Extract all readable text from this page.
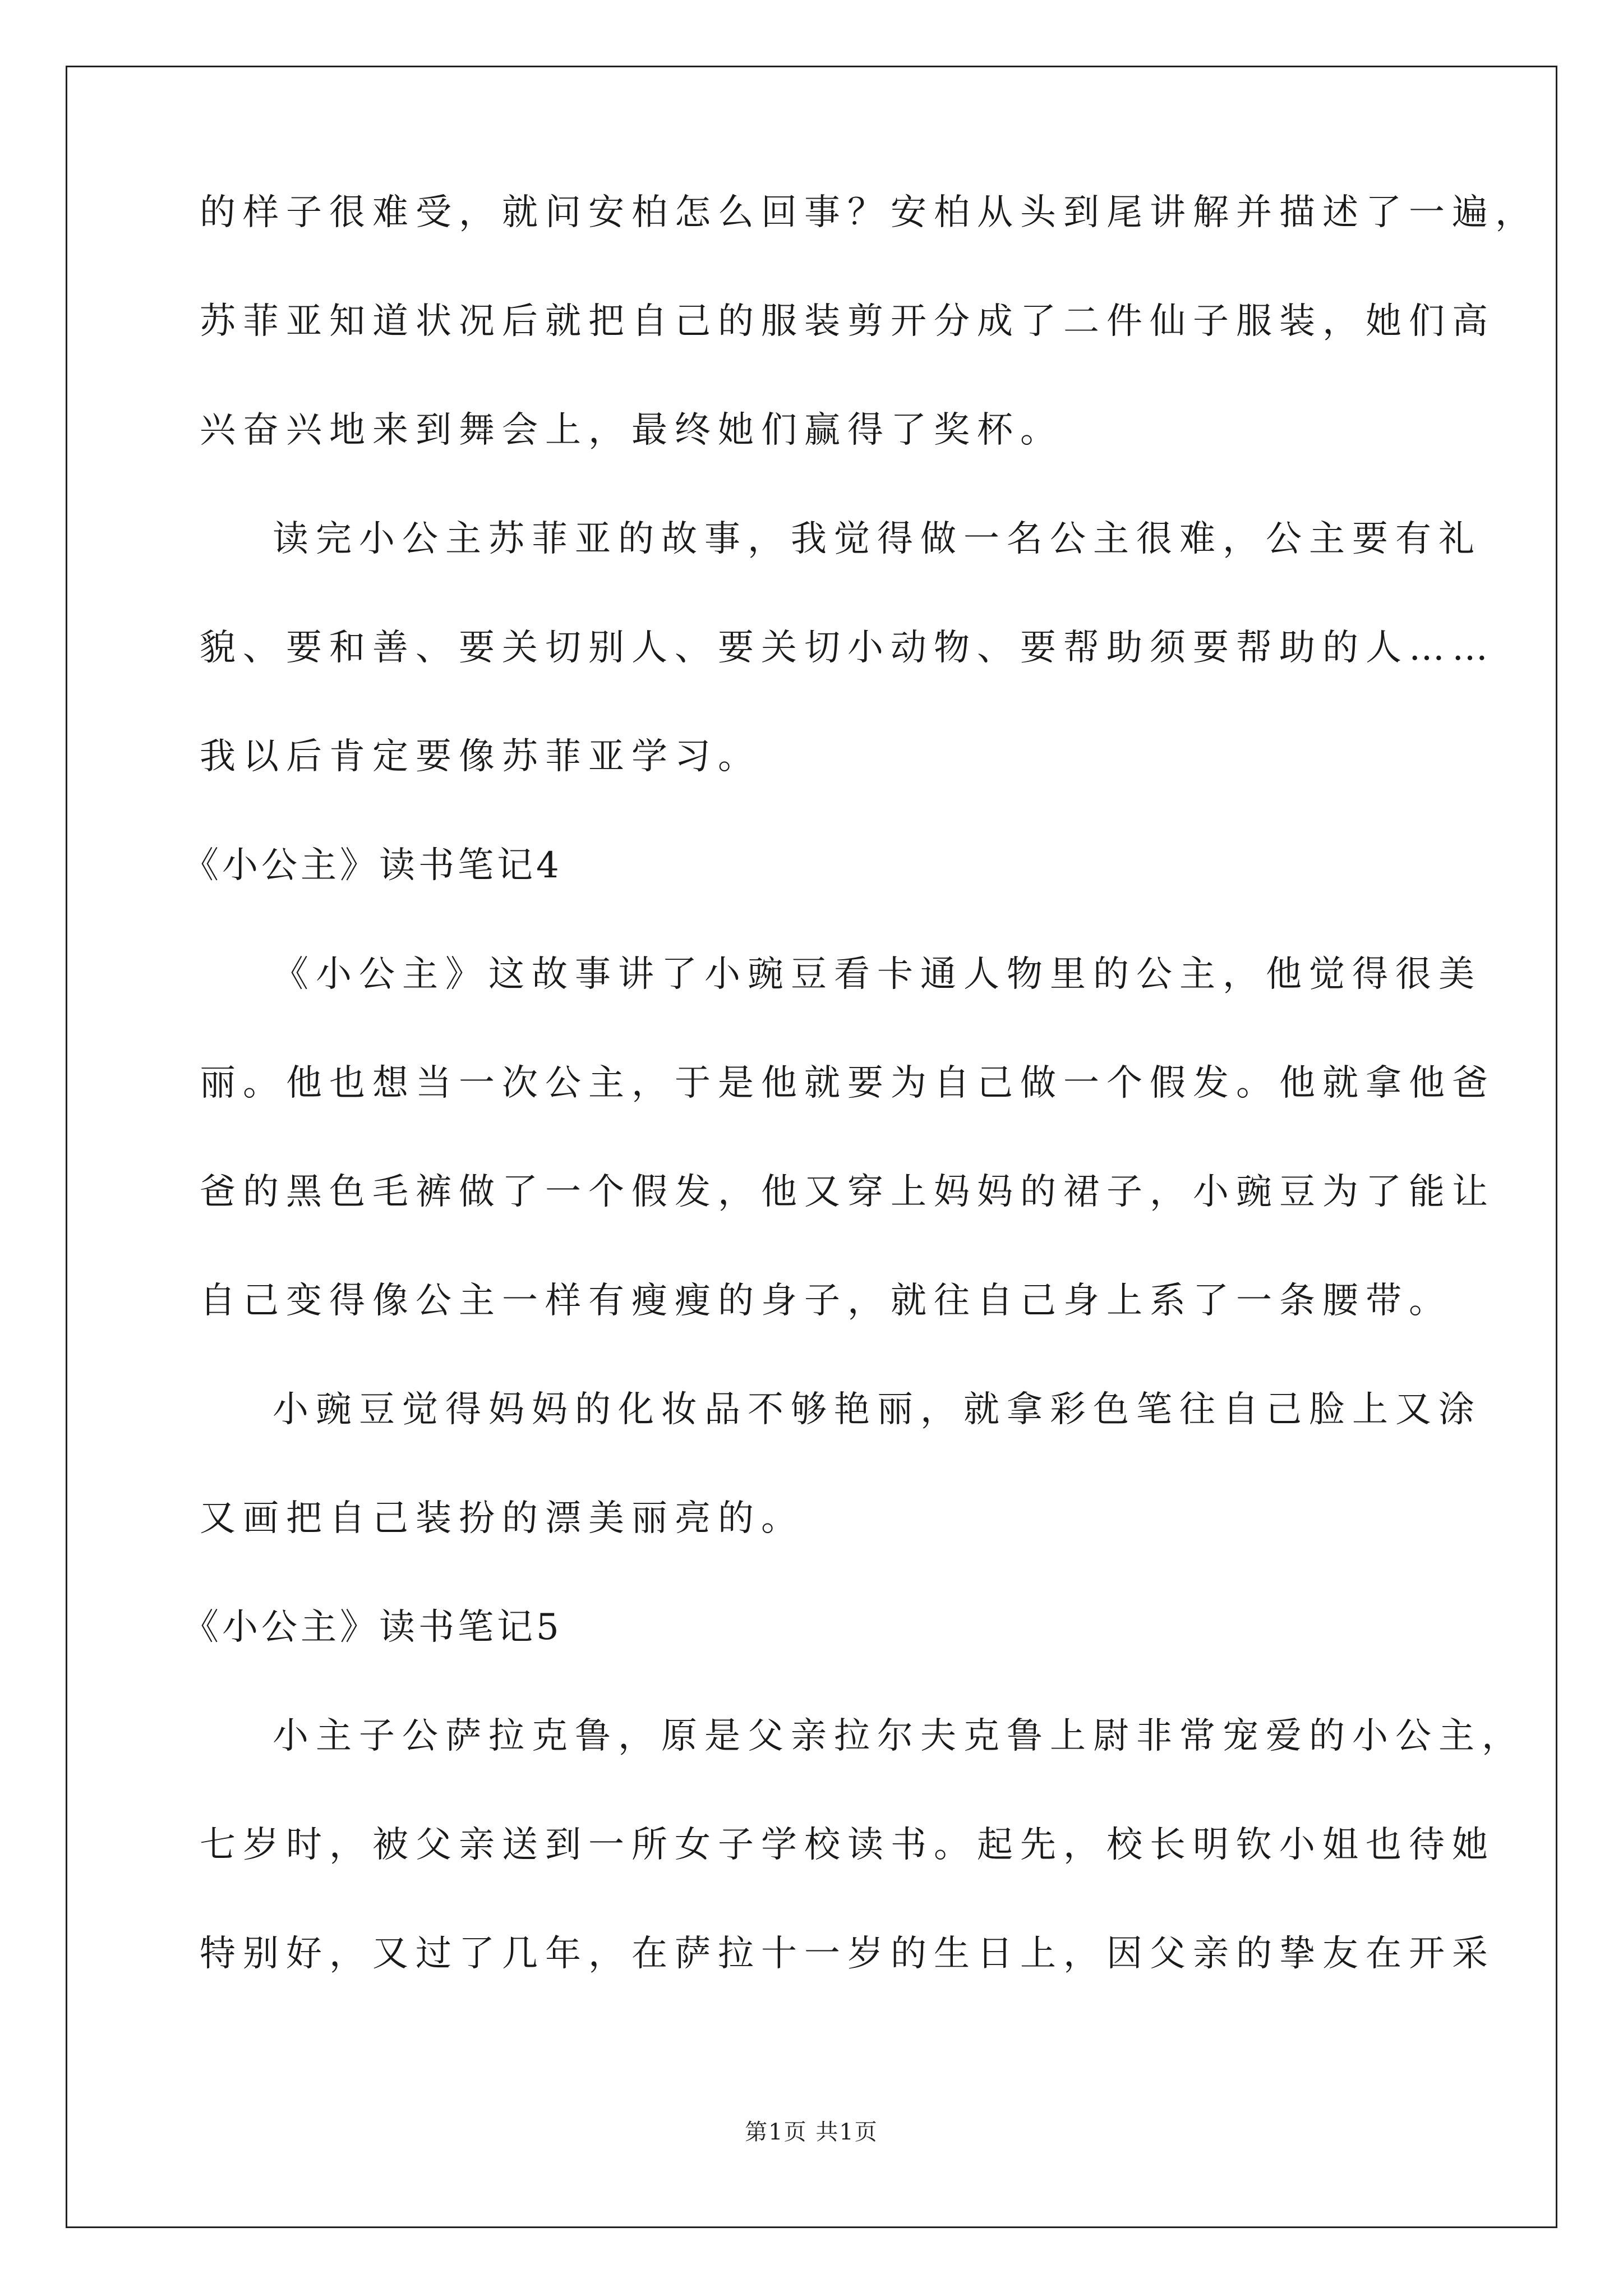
的样子很难受，就问安柏怎么回事？安柏从头到尾讲解并描述了一遍，
苏菲亚知道状况后就把自己的服装剪开分成了二件仙子服装，她们高
兴奋兴地来到舞会上，最终她们赢得了奖杯。
读完小公主苏菲亚的故事，我觉得做一名公主很难，公主要有礼
貌、要和善、要关切别人、要关切小动物、要帮助须要帮助的人……
我以后肯定要像苏菲亚学习。
《小公主》读书笔记4
《小公主》这故事讲了小豌豆看卡通人物里的公主，他觉得很美
丽。他也想当一次公主，于是他就要为自己做一个假发。他就拿他爸
爸的黑色毛裤做了一个假发，他又穿上妈妈的裙子，小豌豆为了能让
自己变得像公主一样有瘦瘦的身子，就往自己身上系了一条腰带。
小豌豆觉得妈妈的化妆品不够艳丽，就拿彩色笔往自己脸上又涂
又画把自己装扮的漂美丽亮的。
《小公主》读书笔记5
小主子公萨拉克鲁，原是父亲拉尔夫克鲁上尉非常宠爱的小公主，
七岁时，被父亲送到一所女子学校读书。起先，校长明钦小姐也待她
特别好，又过了几年，在萨拉十一岁的生日上，因父亲的挚友在开采
第1页 共1页
